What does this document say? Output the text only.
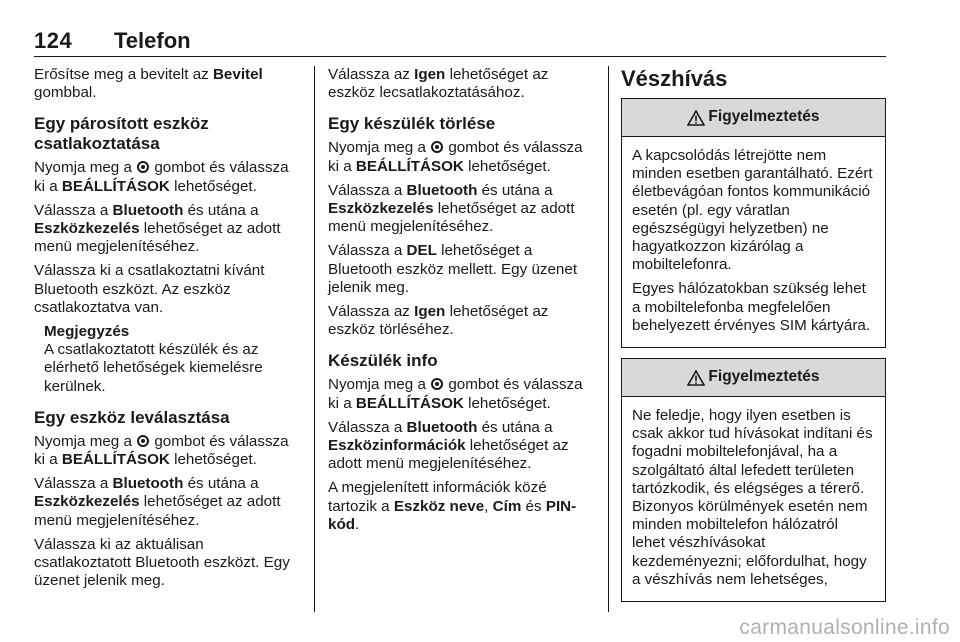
124 Telefon

Erősítse meg a bevitelt az Bevitel gombbal.

Egy párosított eszköz csatlakoztatása

Nyomja meg a  gombot és válassza ki a BEÁLLÍTÁSOK lehetőséget.

Válassza a Bluetooth és utána a Eszközkezelés lehetőséget az adott menü megjelenítéséhez.

Válassza ki a csatlakoztatni kívánt Bluetooth eszközt. Az eszköz csatlakoztatva van.

Megjegyzés

A csatlakoztatott készülék és az elérhető lehetőségek kiemelésre kerülnek.

Egy eszköz leválasztása

Nyomja meg a  gombot és válassza ki a BEÁLLÍTÁSOK lehetőséget.

Válassza a Bluetooth és utána a Eszközkezelés lehetőséget az adott menü megjelenítéséhez.

Válassza ki az aktuálisan csatlakoztatott Bluetooth eszközt. Egy üzenet jelenik meg.

Válassza az Igen lehetőséget az eszköz lecsatlakoztatásához.

Egy készülék törlése

Nyomja meg a  gombot és válassza ki a BEÁLLÍTÁSOK lehetőséget.

Válassza a Bluetooth és utána a Eszközkezelés lehetőséget az adott menü megjelenítéséhez.

Válassza a DEL lehetőséget a Bluetooth eszköz mellett. Egy üzenet jelenik meg.

Válassza az Igen lehetőséget az eszköz törléséhez.

Készülék info

Nyomja meg a  gombot és válassza ki a BEÁLLÍTÁSOK lehetőséget.

Válassza a Bluetooth és utána a Eszközinformációk lehetőséget az adott menü megjelenítéséhez.

A megjelenített információk közé tartozik a Eszköz neve, Cím és PIN-kód.

Vészhívás
Figyelmeztetés

A kapcsolódás létrejötte nem minden esetben garantálható. Ezért életbevágóan fontos kommunikáció esetén (pl. egy váratlan egészségügyi helyzetben) ne hagyatkozzon kizárólag a mobiltelefonra.

Egyes hálózatokban szükség lehet a mobiltelefonba megfelelően behelyezett érvényes SIM kártyára.

Figyelmeztetés

Ne feledje, hogy ilyen esetben is csak akkor tud hívásokat indítani és fogadni mobiltelefonjával, ha a szolgáltató által lefedett területen tartózkodik, és elégséges a térerő. Bizonyos körülmények esetén nem minden mobiltelefon hálózatról lehet vészhívásokat kezdeményezni; előfordulhat, hogy a vészhívás nem lehetséges,

carmanualsonline.info
